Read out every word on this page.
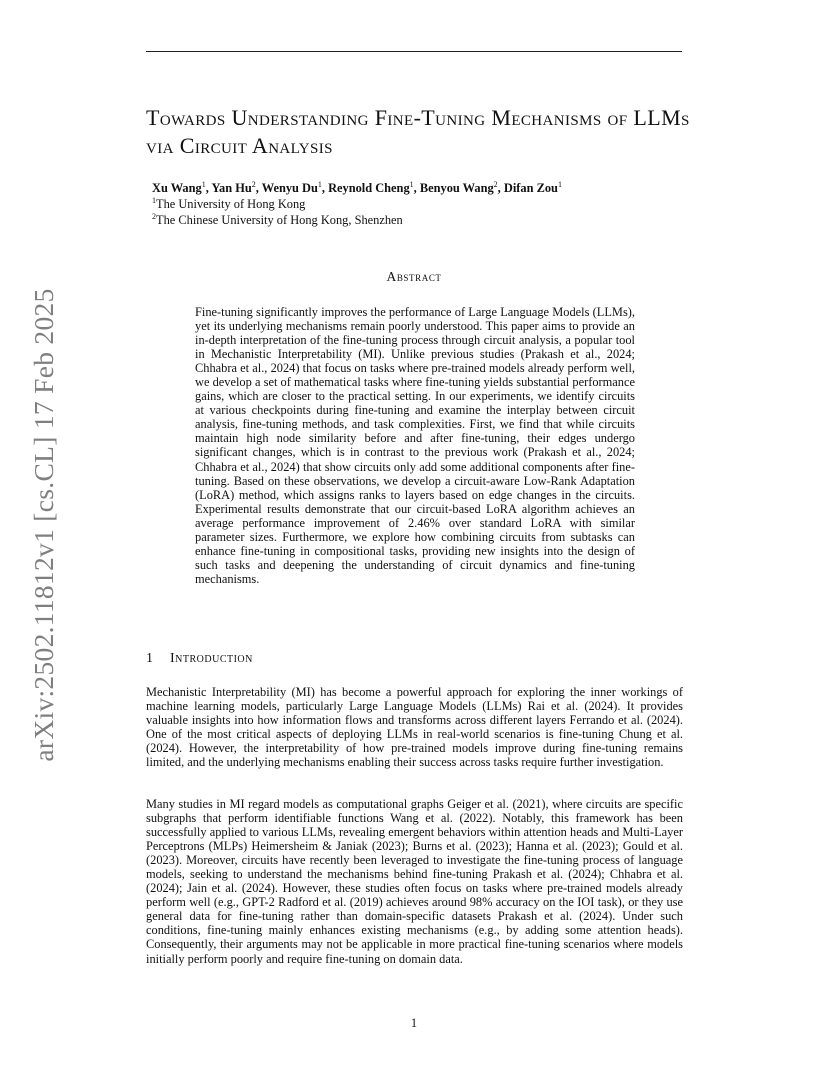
Towards Understanding Fine-Tuning Mechanisms of LLMs via Circuit Analysis
Xu Wang$^1$, Yan Hu$^2$, Wenyu Du$^1$, Reynold Cheng$^1$, Benyou Wang$^2$, Difan Zou$^1$
$^1$The University of Hong Kong
$^2$The Chinese University of Hong Kong, Shenzhen
Abstract

Fine-tuning significantly improves the performance of Large Language Models (LLMs), yet its underlying mechanisms remain poorly understood. This paper aims to provide an in-depth interpretation of the fine-tuning process through circuit analysis, a popular tool in Mechanistic Interpretability (MI). Unlike previous studies (Prakash et al., 2024; Chhabra et al., 2024) that focus on tasks where pre-trained models already perform well, we develop a set of mathematical tasks where fine-tuning yields substantial performance gains, which are closer to the practical setting. In our experiments, we identify circuits at various checkpoints during fine-tuning and examine the interplay between circuit analysis, fine-tuning methods, and task complexities. First, we find that while circuits maintain high node similarity before and after fine-tuning, their edges undergo significant changes, which is in contrast to the previous work (Prakash et al., 2024; Chhabra et al., 2024) that show circuits only add some additional components after fine-tuning. Based on these observations, we develop a circuit-aware Low-Rank Adaptation (LoRA) method, which assigns ranks to layers based on edge changes in the circuits. Experimental results demonstrate that our circuit-based LoRA algorithm achieves an average performance improvement of 2.46% over standard LoRA with similar parameter sizes. Furthermore, we explore how combining circuits from subtasks can enhance fine-tuning in compositional tasks, providing new insights into the design of such tasks and deepening the understanding of circuit dynamics and fine-tuning mechanisms.

1 Introduction

Mechanistic Interpretability (MI) has become a powerful approach for exploring the inner workings of machine learning models, particularly Large Language Models (LLMs) Rai et al. (2024). It provides valuable insights into how information flows and transforms across different layers Ferrando et al. (2024). One of the most critical aspects of deploying LLMs in real-world scenarios is fine-tuning Chung et al. (2024). However, the interpretability of how pre-trained models improve during fine-tuning remains limited, and the underlying mechanisms enabling their success across tasks require further investigation.

Many studies in MI regard models as computational graphs Geiger et al. (2021), where circuits are specific subgraphs that perform identifiable functions Wang et al. (2022). Notably, this framework has been successfully applied to various LLMs, revealing emergent behaviors within attention heads and Multi-Layer Perceptrons (MLPs) Heimersheim & Janiak (2023); Burns et al. (2023); Hanna et al. (2023); Gould et al. (2023). Moreover, circuits have recently been leveraged to investigate the fine-tuning process of language models, seeking to understand the mechanisms behind fine-tuning Prakash et al. (2024); Chhabra et al. (2024); Jain et al. (2024). However, these studies often focus on tasks where pre-trained models already perform well (e.g., GPT-2 Radford et al. (2019) achieves around 98% accuracy on the IOI task), or they use general data for fine-tuning rather than domain-specific datasets Prakash et al. (2024). Under such conditions, fine-tuning mainly enhances existing mechanisms (e.g., by adding some attention heads). Consequently, their arguments may not be applicable in more practical fine-tuning scenarios where models initially perform poorly and require fine-tuning on domain data.

1
arXiv:2502.11812v1 [cs.CL] 17 Feb 2025
